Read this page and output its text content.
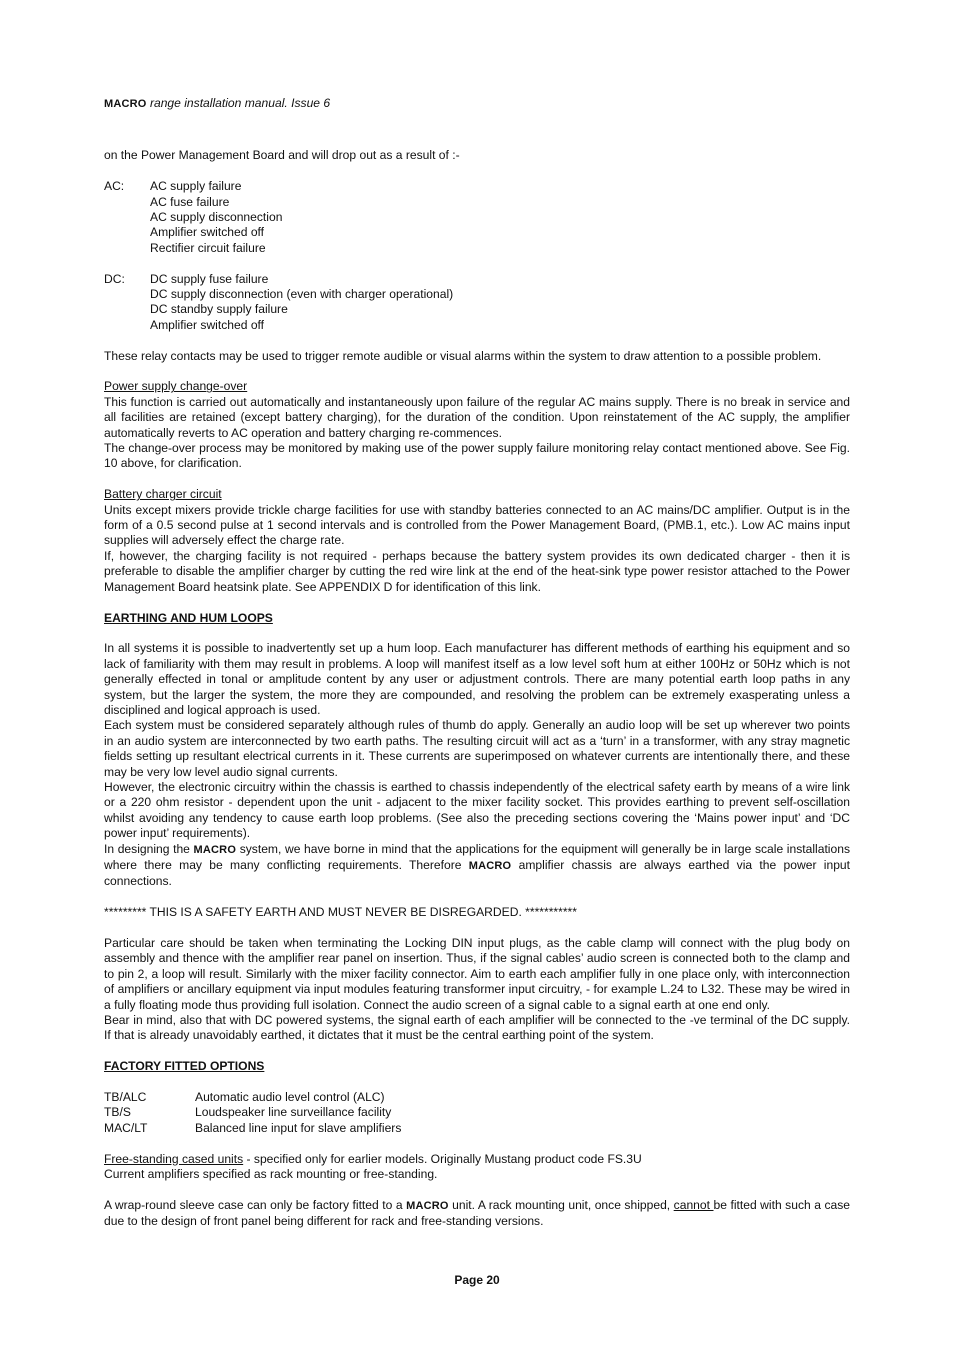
MACRO range installation manual. Issue 6

on the Power Management Board and will drop out as a result of :-

AC:	AC supply failure
AC fuse failure
AC supply disconnection
Amplifier switched off
Rectifier circuit failure
DC:	DC supply fuse failure
DC supply disconnection (even with charger operational)
DC standby supply failure
Amplifier switched off

These relay contacts may be used to trigger remote audible or visual alarms within the system to draw attention to a possible problem.

Power supply change-over

This function is carried out automatically and instantaneously upon failure of the regular AC mains supply. There is no break in service and all facilities are retained (except battery charging), for the duration of the condition. Upon reinstatement of the AC supply, the amplifier automatically reverts to AC operation and battery charging re-commences.

The change-over process may be monitored by making use of the power supply failure monitoring relay contact mentioned above. See Fig. 10 above, for clarification.

Battery charger circuit

Units except mixers provide trickle charge facilities for use with standby batteries connected to an AC mains/DC amplifier. Output is in the form of a 0.5 second pulse at 1 second intervals and is controlled from the Power Management Board, (PMB.1, etc.). Low AC mains input supplies will adversely effect the charge rate.

If, however, the charging facility is not required - perhaps because the battery system provides its own dedicated charger - then it is preferable to disable the amplifier charger by cutting the red wire link at the end of the heat-sink type power resistor attached to the Power Management Board heatsink plate. See APPENDIX D for identification of this link.

EARTHING AND HUM LOOPS

In all systems it is possible to inadvertently set up a hum loop. Each manufacturer has different methods of earthing his equipment and so lack of familiarity with them may result in problems. A loop will manifest itself as a low level soft hum at either 100Hz or 50Hz which is not generally effected in tonal or amplitude content by any user or adjustment controls. There are many potential earth loop paths in any system, but the larger the system, the more they are compounded, and resolving the problem can be extremely exasperating unless a disciplined and logical approach is used.

Each system must be considered separately although rules of thumb do apply. Generally an audio loop will be set up wherever two points in an audio system are interconnected by two earth paths. The resulting circuit will act as a ‘turn’ in a transformer, with any stray magnetic fields setting up resultant electrical currents in it. These currents are superimposed on whatever currents are intentionally there, and these may be very low level audio signal currents.

However, the electronic circuitry within the chassis is earthed to chassis independently of the electrical safety earth by means of a wire link or a 220 ohm resistor - dependent upon the unit - adjacent to the mixer facility socket. This provides earthing to prevent self-oscillation whilst avoiding any tendency to cause earth loop problems. (See also the preceding sections covering the ‘Mains power input’ and ‘DC power input’ requirements).

In designing the MACRO system, we have borne in mind that the applications for the equipment will generally be in large scale installations where there may be many conflicting requirements. Therefore MACRO amplifier chassis are always earthed via the power input connections.

********* THIS IS A SAFETY EARTH AND MUST NEVER BE DISREGARDED. ***********

Particular care should be taken when terminating the Locking DIN input plugs, as the cable clamp will connect with the plug body on assembly and thence with the amplifier rear panel on insertion. Thus, if the signal cables’ audio screen is connected both to the clamp and to pin 2, a loop will result. Similarly with the mixer facility connector. Aim to earth each amplifier fully in one place only, with interconnection of amplifiers or ancillary equipment via input modules featuring transformer input circuitry, - for example L.24 to L32. These may be wired in a fully floating mode thus providing full isolation. Connect the audio screen of a signal cable to a signal earth at one end only.

Bear in mind, also that with DC powered systems, the signal earth of each amplifier will be connected to the -ve terminal of the DC supply. If that is already unavoidably earthed, it dictates that it must be the central earthing point of the system.

FACTORY FITTED OPTIONS
TB/ALC	Automatic audio level control (ALC)
TB/S	Loudspeaker line surveillance facility
MAC/LT	Balanced line input for slave amplifiers
Free-standing cased units - specified only for earlier models. Originally Mustang product code FS.3U
Current amplifiers specified as rack mounting or free-standing.

A wrap-round sleeve case can only be factory fitted to a MACRO unit. A rack mounting unit, once shipped, cannot be fitted with such a case due to the design of front panel being different for rack and free-standing versions.

Page 20
